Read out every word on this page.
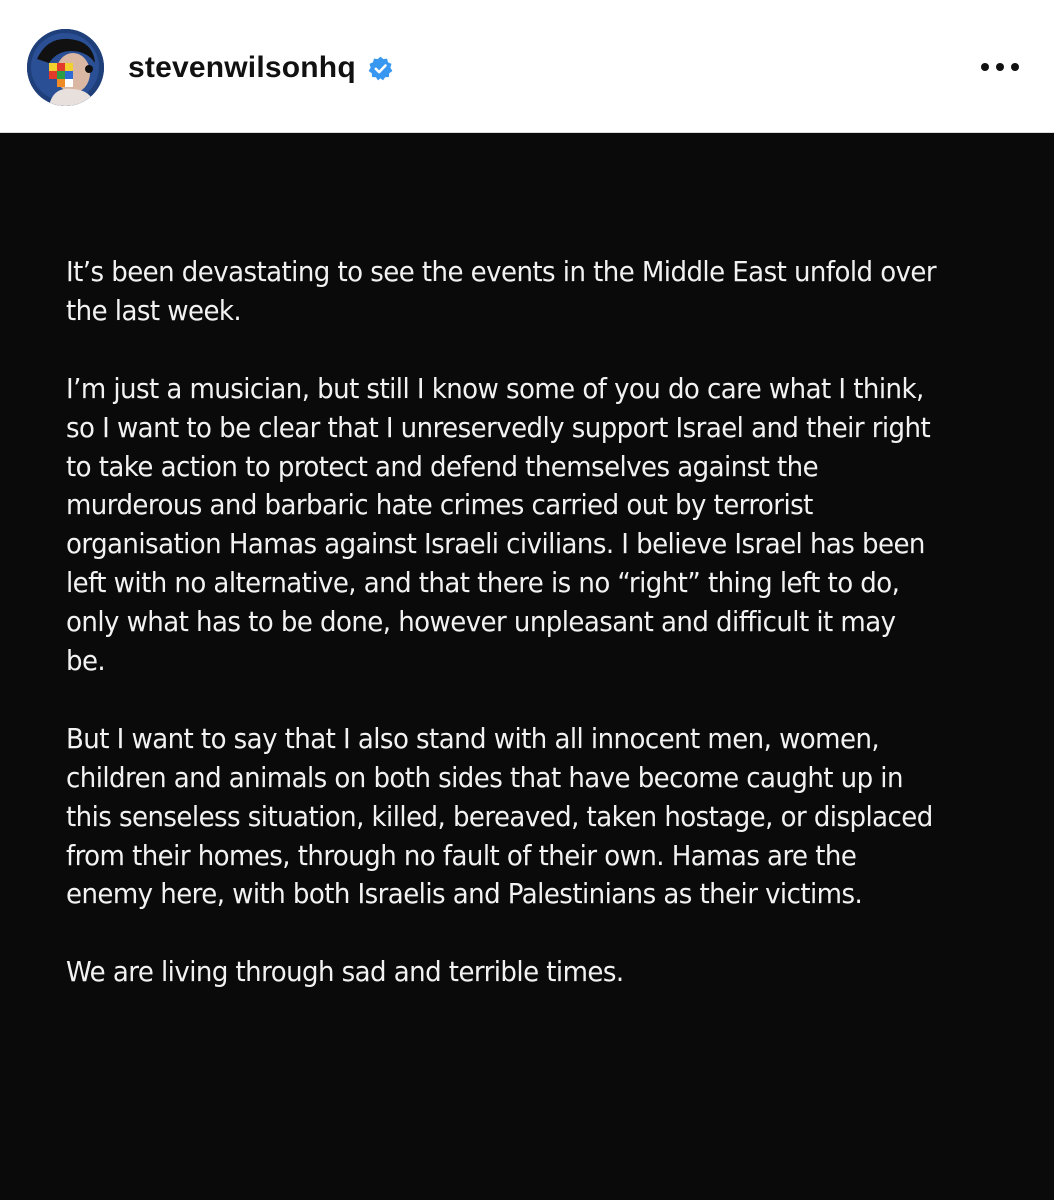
stevenwilsonhq

It’s been devastating to see the events in the Middle East unfold over the last week.

I’m just a musician, but still I know some of you do care what I think, so I want to be clear that I unreservedly support Israel and their right to take action to protect and defend themselves against the murderous and barbaric hate crimes carried out by terrorist organisation Hamas against Israeli civilians. I believe Israel has been left with no alternative, and that there is no “right” thing left to do, only what has to be done, however unpleasant and difficult it may be.

But I want to say that I also stand with all innocent men, women, children and animals on both sides that have become caught up in this senseless situation, killed, bereaved, taken hostage, or displaced from their homes, through no fault of their own. Hamas are the enemy here, with both Israelis and Palestinians as their victims.

We are living through sad and terrible times.
